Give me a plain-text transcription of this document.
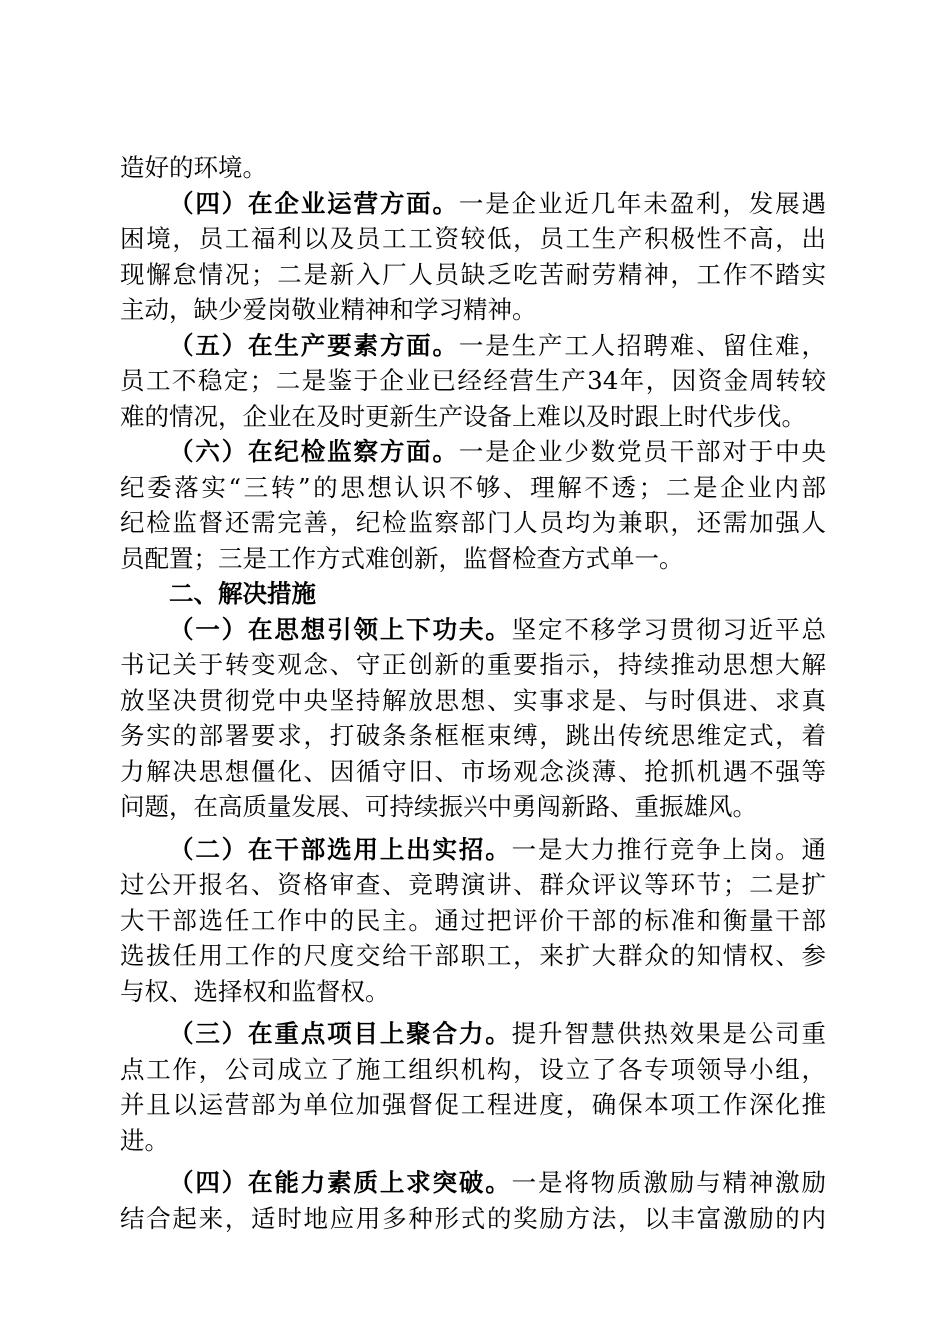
造好的环境。
（四）在企业运营方面。一是企业近几年未盈利，发展遇
困境，员工福利以及员工工资较低，员工生产积极性不高，出
现懈怠情况；二是新入厂人员缺乏吃苦耐劳精神，工作不踏实
主动，缺少爱岗敬业精神和学习精神。
（五）在生产要素方面。一是生产工人招聘难、留住难，
员工不稳定；二是鉴于企业已经经营生产34年，因资金周转较
难的情况，企业在及时更新生产设备上难以及时跟上时代步伐。
（六）在纪检监察方面。一是企业少数党员干部对于中央
纪委落实“三转”的思想认识不够、理解不透；二是企业内部
纪检监督还需完善，纪检监察部门人员均为兼职，还需加强人
员配置；三是工作方式难创新，监督检查方式单一。
二、解决措施
（一）在思想引领上下功夫。坚定不移学习贯彻习近平总
书记关于转变观念、守正创新的重要指示，持续推动思想大解
放坚决贯彻党中央坚持解放思想、实事求是、与时俱进、求真
务实的部署要求，打破条条框框束缚，跳出传统思维定式，着
力解决思想僵化、因循守旧、市场观念淡薄、抢抓机遇不强等
问题，在高质量发展、可持续振兴中勇闯新路、重振雄风。
（二）在干部选用上出实招。一是大力推行竞争上岗。通
过公开报名、资格审查、竞聘演讲、群众评议等环节；二是扩
大干部选任工作中的民主。通过把评价干部的标准和衡量干部
选拔任用工作的尺度交给干部职工，来扩大群众的知情权、参
与权、选择权和监督权。
（三）在重点项目上聚合力。提升智慧供热效果是公司重
点工作，公司成立了施工组织机构，设立了各专项领导小组，
并且以运营部为单位加强督促工程进度，确保本项工作深化推
进。
（四）在能力素质上求突破。一是将物质激励与精神激励
结合起来，适时地应用多种形式的奖励方法，以丰富激励的内
